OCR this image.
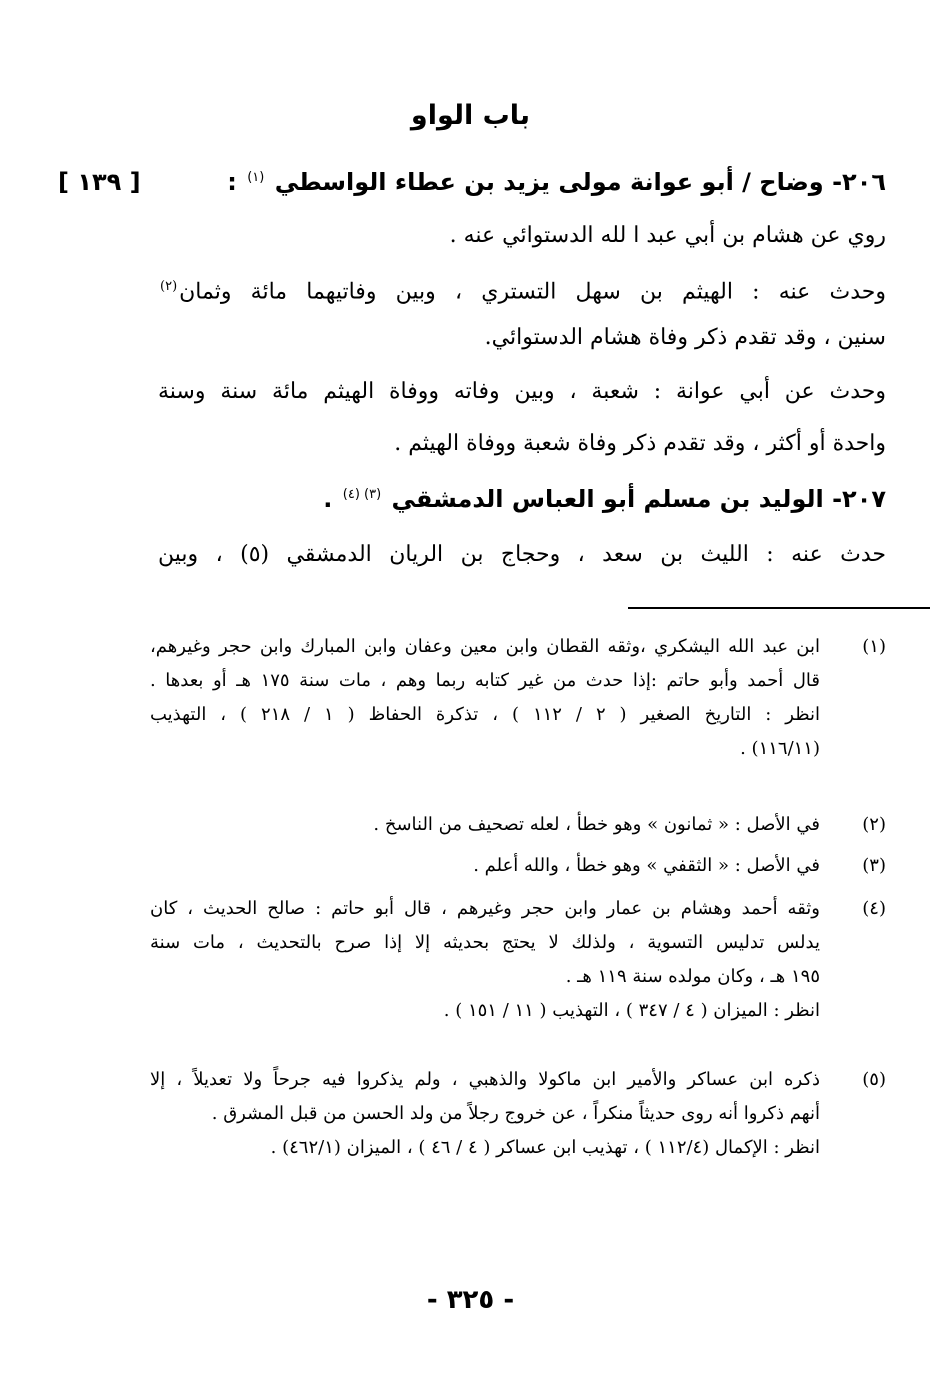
باب الواو
[ ١٣٩ ]	٢٠٦- وضاح / أبو عوانة مولى يزيد بن عطاء الواسطي $^{(١)}$ :
روي عن هشام بن أبي عبد ا لله الدستوائي عنه .
وحدث عنه : الهيثم بن سهل التستري ، وبين وفاتيهما مائة وثمان$^{(٢)}$
سنين ، وقد تقدم ذكر وفاة هشام الدستوائي.
وحدث عن أبي عوانة : شعبة ، وبين وفاته ووفاة الهيثم مائة سنة وسنة
واحدة أو أكثر ، وقد تقدم ذكر وفاة شعبة ووفاة الهيثم .
٢٠٧- الوليد بن مسلم أبو العباس الدمشقي $^{(٣) (٤)}$ .
حدث عنه : الليث بن سعد ، وحجاج بن الريان الدمشقي (٥) ، وبين
(١)
ابن عبد الله اليشكري ،وثقه القطان وابن معين وعفان وابن المبارك وابن حجر وغيرهم،
قال أحمد وأبو حاتم :إذا حدث من غير كتابه ربما وهم ، مات سنة ١٧٥ هـ أو بعدها .
انظر : التاريخ الصغير ( ٢ / ١١٢ ) ، تذكرة الحفاظ ( ١ / ٢١٨ ) ، التهذيب
(١١٦/١١) .
(٢)
في الأصل : « ثمانون » وهو خطأ ، لعله تصحيف من الناسخ .
(٣)
في الأصل : « الثقفي » وهو خطأ ، والله أعلم .
(٤)
وثقه أحمد وهشام بن عمار وابن حجر وغيرهم ، قال أبو حاتم : صالح الحديث ، كان
يدلس تدليس التسوية ، ولذلك لا يحتج بحديثه إلا إذا صرح بالتحديث ، مات سنة
١٩٥ هـ ، وكان مولده سنة ١١٩ هـ .
انظر : الميزان ( ٤ / ٣٤٧ ) ، التهذيب ( ١١ / ١٥١ ) .
(٥)
ذكره ابن عساكر والأمير ابن ماكولا والذهبي ، ولم يذكروا فيه جرحاً ولا تعديلاً ، إلا
أنهم ذكروا أنه روى حديثاً منكراً ، عن خروج رجلاً من ولد الحسن من قبل المشرق .
انظر : الإكمال (١١٢/٤ ) ، تهذيب ابن عساكر ( ٤ / ٤٦ ) ، الميزان (٤٦٢/١) .
- ٣٢٥ -
